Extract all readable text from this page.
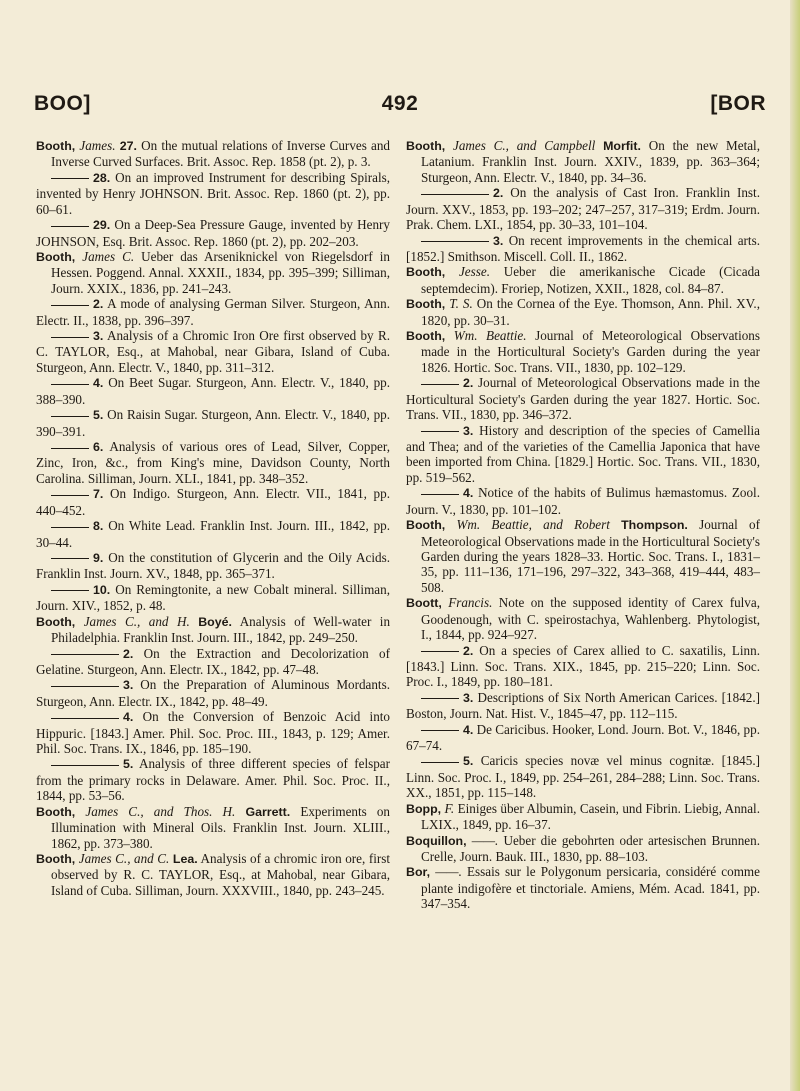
BOO]	492	[BOR

Booth, James. 27. On the mutual relations of Inverse Curves and Inverse Curved Surfaces. Brit. Assoc. Rep. 1858 (pt. 2), p. 3.

28. On an improved Instrument for describing Spirals, invented by Henry JOHNSON. Brit. Assoc. Rep. 1860 (pt. 2), pp. 60–61.

29. On a Deep-Sea Pressure Gauge, invented by Henry JOHNSON, Esq. Brit. Assoc. Rep. 1860 (pt. 2), pp. 202–203.

Booth, James C. Ueber das Arseniknickel von Riegelsdorf in Hessen. Poggend. Annal. XXXII., 1834, pp. 395–399; Silliman, Journ. XXIX., 1836, pp. 241–243.

2. A mode of analysing German Silver. Sturgeon, Ann. Electr. II., 1838, pp. 396–397.

3. Analysis of a Chromic Iron Ore first observed by R. C. TAYLOR, Esq., at Mahobal, near Gibara, Island of Cuba. Sturgeon, Ann. Electr. V., 1840, pp. 311–312.

4. On Beet Sugar. Sturgeon, Ann. Electr. V., 1840, pp. 388–390.

5. On Raisin Sugar. Sturgeon, Ann. Electr. V., 1840, pp. 390–391.

6. Analysis of various ores of Lead, Silver, Copper, Zinc, Iron, &c., from King's mine, Davidson County, North Carolina. Silliman, Journ. XLI., 1841, pp. 348–352.

7. On Indigo. Sturgeon, Ann. Electr. VII., 1841, pp. 440–452.

8. On White Lead. Franklin Inst. Journ. III., 1842, pp. 30–44.

9. On the constitution of Glycerin and the Oily Acids. Franklin Inst. Journ. XV., 1848, pp. 365–371.

10. On Remingtonite, a new Cobalt mineral. Silliman, Journ. XIV., 1852, p. 48.

Booth, James C., and H. Boyé. Analysis of Well-water in Philadelphia. Franklin Inst. Journ. III., 1842, pp. 249–250.

2. On the Extraction and Decolorization of Gelatine. Sturgeon, Ann. Electr. IX., 1842, pp. 47–48.

3. On the Preparation of Aluminous Mordants. Sturgeon, Ann. Electr. IX., 1842, pp. 48–49.

4. On the Conversion of Benzoic Acid into Hippuric. [1843.] Amer. Phil. Soc. Proc. III., 1843, p. 129; Amer. Phil. Soc. Trans. IX., 1846, pp. 185–190.

5. Analysis of three different species of felspar from the primary rocks in Delaware. Amer. Phil. Soc. Proc. II., 1844, pp. 53–56.

Booth, James C., and Thos. H. Garrett. Experiments on Illumination with Mineral Oils. Franklin Inst. Journ. XLIII., 1862, pp. 373–380.

Booth, James C., and C. Lea. Analysis of a chromic iron ore, first observed by R. C. TAYLOR, Esq., at Mahobal, near Gibara, Island of Cuba. Silliman, Journ. XXXVIII., 1840, pp. 243–245.

Booth, James C., and Campbell Morfit. On the new Metal, Latanium. Franklin Inst. Journ. XXIV., 1839, pp. 363–364; Sturgeon, Ann. Electr. V., 1840, pp. 34–36.

2. On the analysis of Cast Iron. Franklin Inst. Journ. XXV., 1853, pp. 193–202; 247–257, 317–319; Erdm. Journ. Prak. Chem. LXI., 1854, pp. 30–33, 101–104.

3. On recent improvements in the chemical arts. [1852.] Smithson. Miscell. Coll. II., 1862.

Booth, Jesse. Ueber die amerikanische Cicade (Cicada septemdecim). Froriep, Notizen, XXII., 1828, col. 84–87.

Booth, T. S. On the Cornea of the Eye. Thomson, Ann. Phil. XV., 1820, pp. 30–31.

Booth, Wm. Beattie. Journal of Meteorological Observations made in the Horticultural Society's Garden during the year 1826. Hortic. Soc. Trans. VII., 1830, pp. 102–129.

2. Journal of Meteorological Observations made in the Horticultural Society's Garden during the year 1827. Hortic. Soc. Trans. VII., 1830, pp. 346–372.

3. History and description of the species of Camellia and Thea; and of the varieties of the Camellia Japonica that have been imported from China. [1829.] Hortic. Soc. Trans. VII., 1830, pp. 519–562.

4. Notice of the habits of Bulimus hæmastomus. Zool. Journ. V., 1830, pp. 101–102.

Booth, Wm. Beattie, and Robert Thompson. Journal of Meteorological Observations made in the Horticultural Society's Garden during the years 1828–33. Hortic. Soc. Trans. I., 1831–35, pp. 111–136, 171–196, 297–322, 343–368, 419–444, 483–508.

Boott, Francis. Note on the supposed identity of Carex fulva, Goodenough, with C. speirostachya, Wahlenberg. Phytologist, I., 1844, pp. 924–927.

2. On a species of Carex allied to C. saxatilis, Linn. [1843.] Linn. Soc. Trans. XIX., 1845, pp. 215–220; Linn. Soc. Proc. I., 1849, pp. 180–181.

3. Descriptions of Six North American Carices. [1842.] Boston, Journ. Nat. Hist. V., 1845–47, pp. 112–115.

4. De Caricibus. Hooker, Lond. Journ. Bot. V., 1846, pp. 67–74.

5. Caricis species novæ vel minus cognitæ. [1845.] Linn. Soc. Proc. I., 1849, pp. 254–261, 284–288; Linn. Soc. Trans. XX., 1851, pp. 115–148.

Bopp, F. Einiges über Albumin, Casein, und Fibrin. Liebig, Annal. LXIX., 1849, pp. 16–37.

Boquillon, ——. Ueber die gebohrten oder artesischen Brunnen. Crelle, Journ. Bauk. III., 1830, pp. 88–103.

Bor, ——. Essais sur le Polygonum persicaria, considéré comme plante indigofère et tinctoriale. Amiens, Mém. Acad. 1841, pp. 347–354.
